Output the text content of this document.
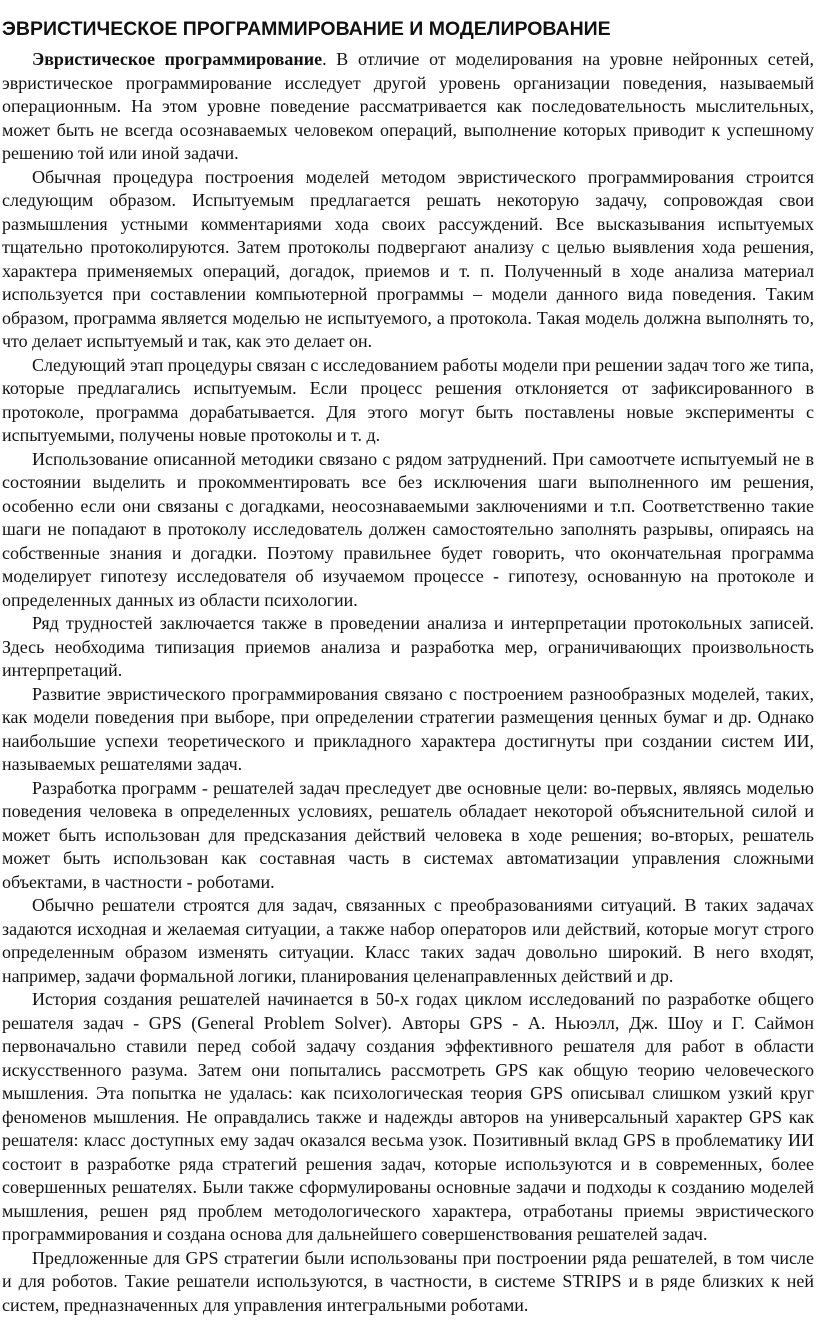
ЭВРИСТИЧЕСКОЕ ПРОГРАММИРОВАНИЕ И МОДЕЛИРОВАНИЕ

Эвристическое программирование. В отличие от моделирования на уровне нейронных сетей, эвристическое программирование исследует другой уровень организации поведения, называемый операционным. На этом уровне поведение рассматривается как последовательность мыслительных, может быть не всегда осознаваемых человеком операций, выполнение которых приводит к успешному решению той или иной задачи.

Обычная процедура построения моделей методом эвристического программирования строится следующим образом. Испытуемым предлагается решать некоторую задачу, сопровождая свои размышления устными комментариями хода своих рассуждений. Все высказывания испытуемых тщательно протоколируются. Затем протоколы подвергают анализу с целью выявления хода решения, характера применяемых операций, догадок, приемов и т. п. Полученный в ходе анализа материал используется при составлении компьютерной программы – модели данного вида поведения. Таким образом, программа является моделью не испытуемого, а протокола. Такая модель должна выполнять то, что делает испытуемый и так, как это делает он.

Следующий этап процедуры связан с исследованием работы модели при решении задач того же типа, которые предлагались испытуемым. Если процесс решения отклоняется от зафиксированного в протоколе, программа дорабатывается. Для этого могут быть поставлены новые эксперименты с испытуемыми, получены новые протоколы и т. д.

Использование описанной методики связано с рядом затруднений. При самоотчете испытуемый не в состоянии выделить и прокомментировать все без исключения шаги выполненного им решения, особенно если они связаны с догадками, неосознаваемыми заключениями и т.п. Соответственно такие шаги не попадают в протоколу исследователь должен самостоятельно заполнять разрывы, опираясь на собственные знания и догадки. Поэтому правильнее будет говорить, что окончательная программа моделирует гипотезу исследователя об изучаемом процессе - гипотезу, основанную на протоколе и определенных данных из области психологии.

Ряд трудностей заключается также в проведении анализа и интерпретации протокольных записей. Здесь необходима типизация приемов анализа и разработка мер, ограничивающих произвольность интерпретаций.

Развитие эвристического программирования связано с построением разнообразных моделей, таких, как модели поведения при выборе, при определении стратегии размещения ценных бумаг и др. Однако наибольшие успехи теоретического и прикладного характера достигнуты при создании систем ИИ, называемых решателями задач.

Разработка программ - решателей задач преследует две основные цели: во-первых, являясь моделью поведения человека в определенных условиях, решатель обладает некоторой объяснительной силой и может быть использован для предсказания действий человека в ходе решения; во-вторых, решатель может быть использован как составная часть в системах автоматизации управления сложными объектами, в частности - роботами.

Обычно решатели строятся для задач, связанных с преобразованиями ситуаций. В таких задачах задаются исходная и желаемая ситуации, а также набор операторов или действий, которые могут строго определенным образом изменять ситуации. Класс таких задач довольно широкий. В него входят, например, задачи формальной логики, планирования целенаправленных действий и др.

История создания решателей начинается в 50-х годах циклом исследований по разработке общего решателя задач - GPS (General Problem Solver). Авторы GPS - А. Ньюэлл, Дж. Шоу и Г. Саймон первоначально ставили перед собой задачу создания эффективного решателя для работ в области искусственного разума. Затем они попытались рассмотреть GPS как общую теорию человеческого мышления. Эта попытка не удалась: как психологическая теория GPS описывал слишком узкий круг феноменов мышления. Не оправдались также и надежды авторов на универсальный характер GPS как решателя: класс доступных ему задач оказался весьма узок. Позитивный вклад GPS в проблематику ИИ состоит в разработке ряда стратегий решения задач, которые используются и в современных, более совершенных решателях. Были также сформулированы основные задачи и подходы к созданию моделей мышления, решен ряд проблем методологического характера, отработаны приемы эвристического программирования и создана основа для дальнейшего совершенствования решателей задач.

Предложенные для GPS стратегии были использованы при построении ряда решателей, в том числе и для роботов. Такие решатели используются, в частности, в системе STRIPS и в ряде близких к ней систем, предназначенных для управления интегральными роботами.
